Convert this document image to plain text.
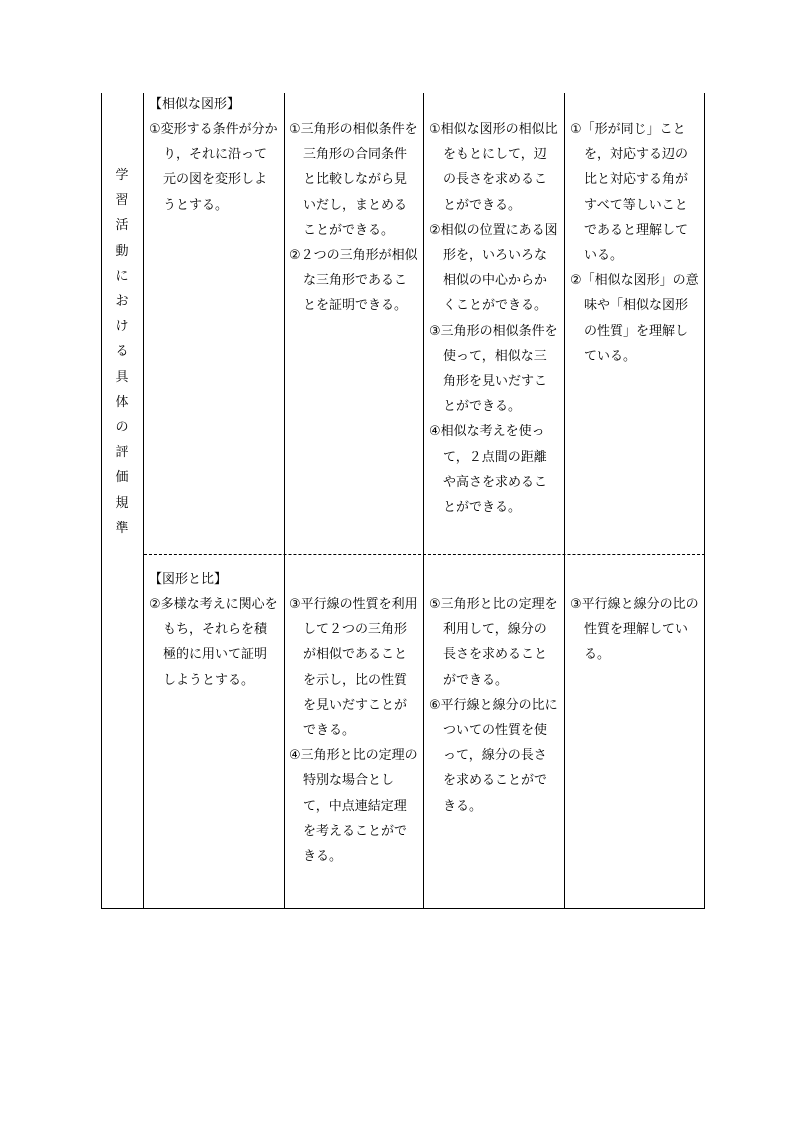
学
習
活
動
に
お
け
る
具
体
の
評
価
規
準
【相似な図形】
①変形する条件が分かり，それに沿って元の図を変形しようとする。
①三角形の相似条件を三角形の合同条件と比較しながら見いだし，まとめることができる。
②２つの三角形が相似な三角形であることを証明できる。
①相似な図形の相似比をもとにして，辺の長さを求めることができる。
②相似の位置にある図形を，いろいろな相似の中心からかくことができる。
③三角形の相似条件を使って，相似な三角形を見いだすことができる。
④相似な考えを使って，２点間の距離や高さを求めることができる。
①「形が同じ」ことを，対応する辺の比と対応する角がすべて等しいことであると理解している。
②「相似な図形」の意味や「相似な図形の性質」を理解している。
【図形と比】
②多様な考えに関心をもち，それらを積極的に用いて証明しようとする。
③平行線の性質を利用して２つの三角形が相似であることを示し，比の性質を見いだすことができる。
④三角形と比の定理の特別な場合として，中点連結定理を考えることができる。
⑤三角形と比の定理を利用して，線分の長さを求めることができる。
⑥平行線と線分の比についての性質を使って，線分の長さを求めることができる。
③平行線と線分の比の性質を理解している。
